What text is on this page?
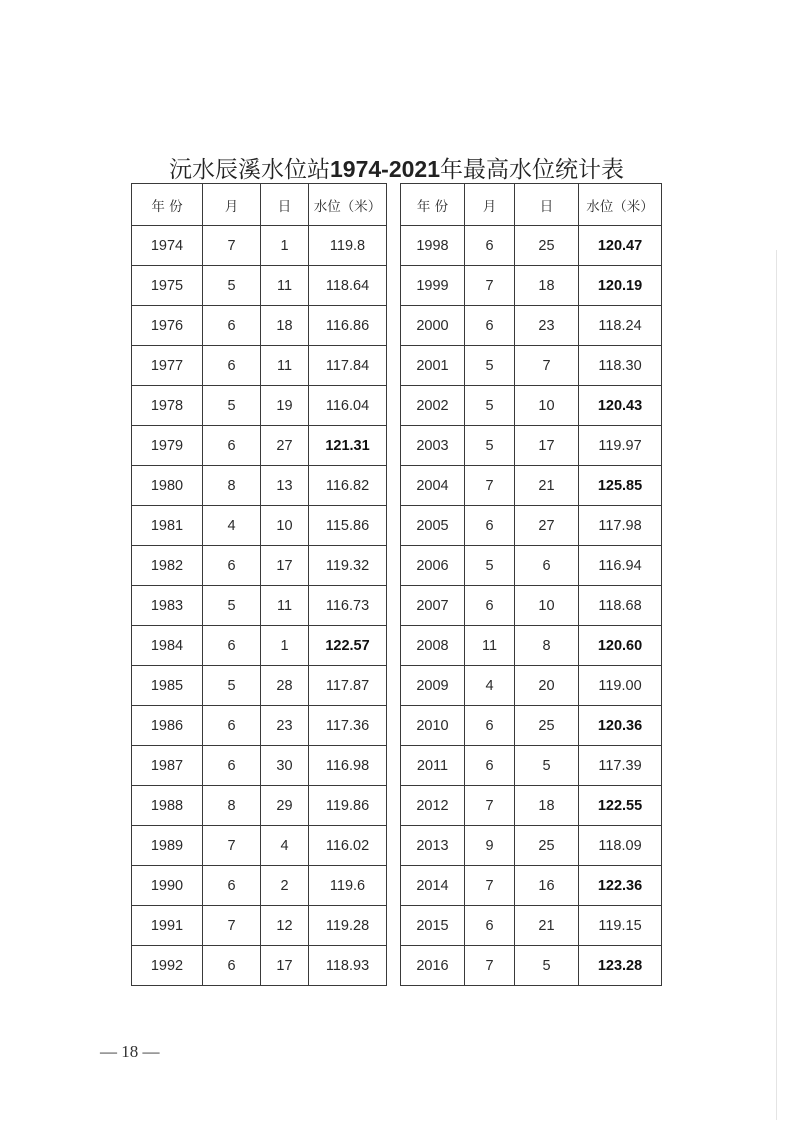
沅水辰溪水位站1974-2021年最高水位统计表
年 份	月	日	水位（米）
1974	7	1	119.8
1975	5	11	118.64
1976	6	18	116.86
1977	6	11	117.84
1978	5	19	116.04
1979	6	27	121.31
1980	8	13	116.82
1981	4	10	115.86
1982	6	17	119.32
1983	5	11	116.73
1984	6	1	122.57
1985	5	28	117.87
1986	6	23	117.36
1987	6	30	116.98
1988	8	29	119.86
1989	7	4	116.02
1990	6	2	119.6
1991	7	12	119.28
1992	6	17	118.93
年 份	月	日	水位（米）
1998	6	25	120.47
1999	7	18	120.19
2000	6	23	118.24
2001	5	7	118.30
2002	5	10	120.43
2003	5	17	119.97
2004	7	21	125.85
2005	6	27	117.98
2006	5	6	116.94
2007	6	10	118.68
2008	11	8	120.60
2009	4	20	119.00
2010	6	25	120.36
2011	6	5	117.39
2012	7	18	122.55
2013	9	25	118.09
2014	7	16	122.36
2015	6	21	119.15
2016	7	5	123.28
— 18 —
